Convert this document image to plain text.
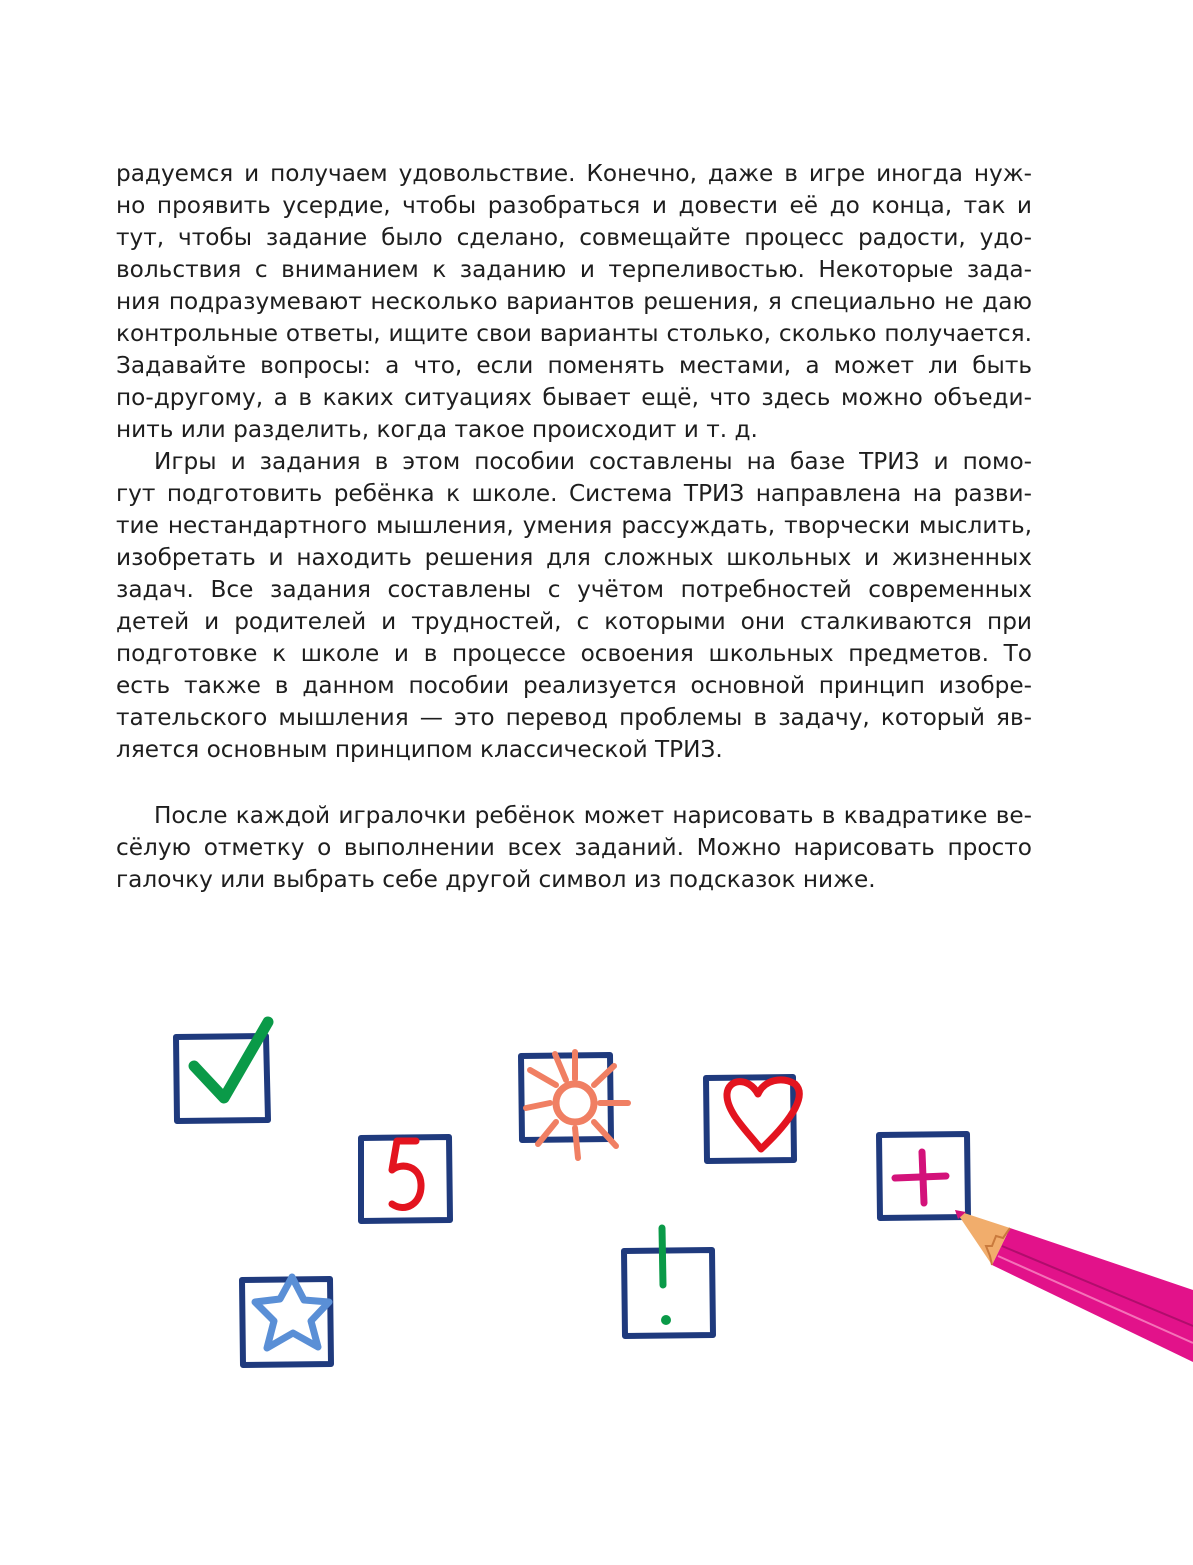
радуемся и получаем удовольствие. Конечно, даже в игре иногда нуж-
но проявить усердие, чтобы разобраться и довести её до конца, так и
тут, чтобы задание было сделано, совмещайте процесс радости, удо-
вольствия с вниманием к заданию и терпеливостью. Некоторые зада-
ния подразумевают несколько вариантов решения, я специально не даю
контрольные ответы, ищите свои варианты столько, сколько получается.
Задавайте вопросы: а что, если поменять местами, а может ли быть
по-другому, а в каких ситуациях бывает ещё, что здесь можно объеди-
нить или разделить, когда такое происходит и т. д.
Игры и задания в этом пособии составлены на базе ТРИЗ и помо-
гут подготовить ребёнка к школе. Система ТРИЗ направлена на разви-
тие нестандартного мышления, умения рассуждать, творчески мыслить,
изобретать и находить решения для сложных школьных и жизненных
задач. Все задания составлены с учётом потребностей современных
детей и родителей и трудностей, с которыми они сталкиваются при
подготовке к школе и в процессе освоения школьных предметов. То
есть также в данном пособии реализуется основной принцип изобре-
тательского мышления — это перевод проблемы в задачу, который яв-
ляется основным принципом классической ТРИЗ.
После каждой игралочки ребёнок может нарисовать в квадратике ве-
сёлую отметку о выполнении всех заданий. Можно нарисовать просто
галочку или выбрать себе другой символ из подсказок ниже.
